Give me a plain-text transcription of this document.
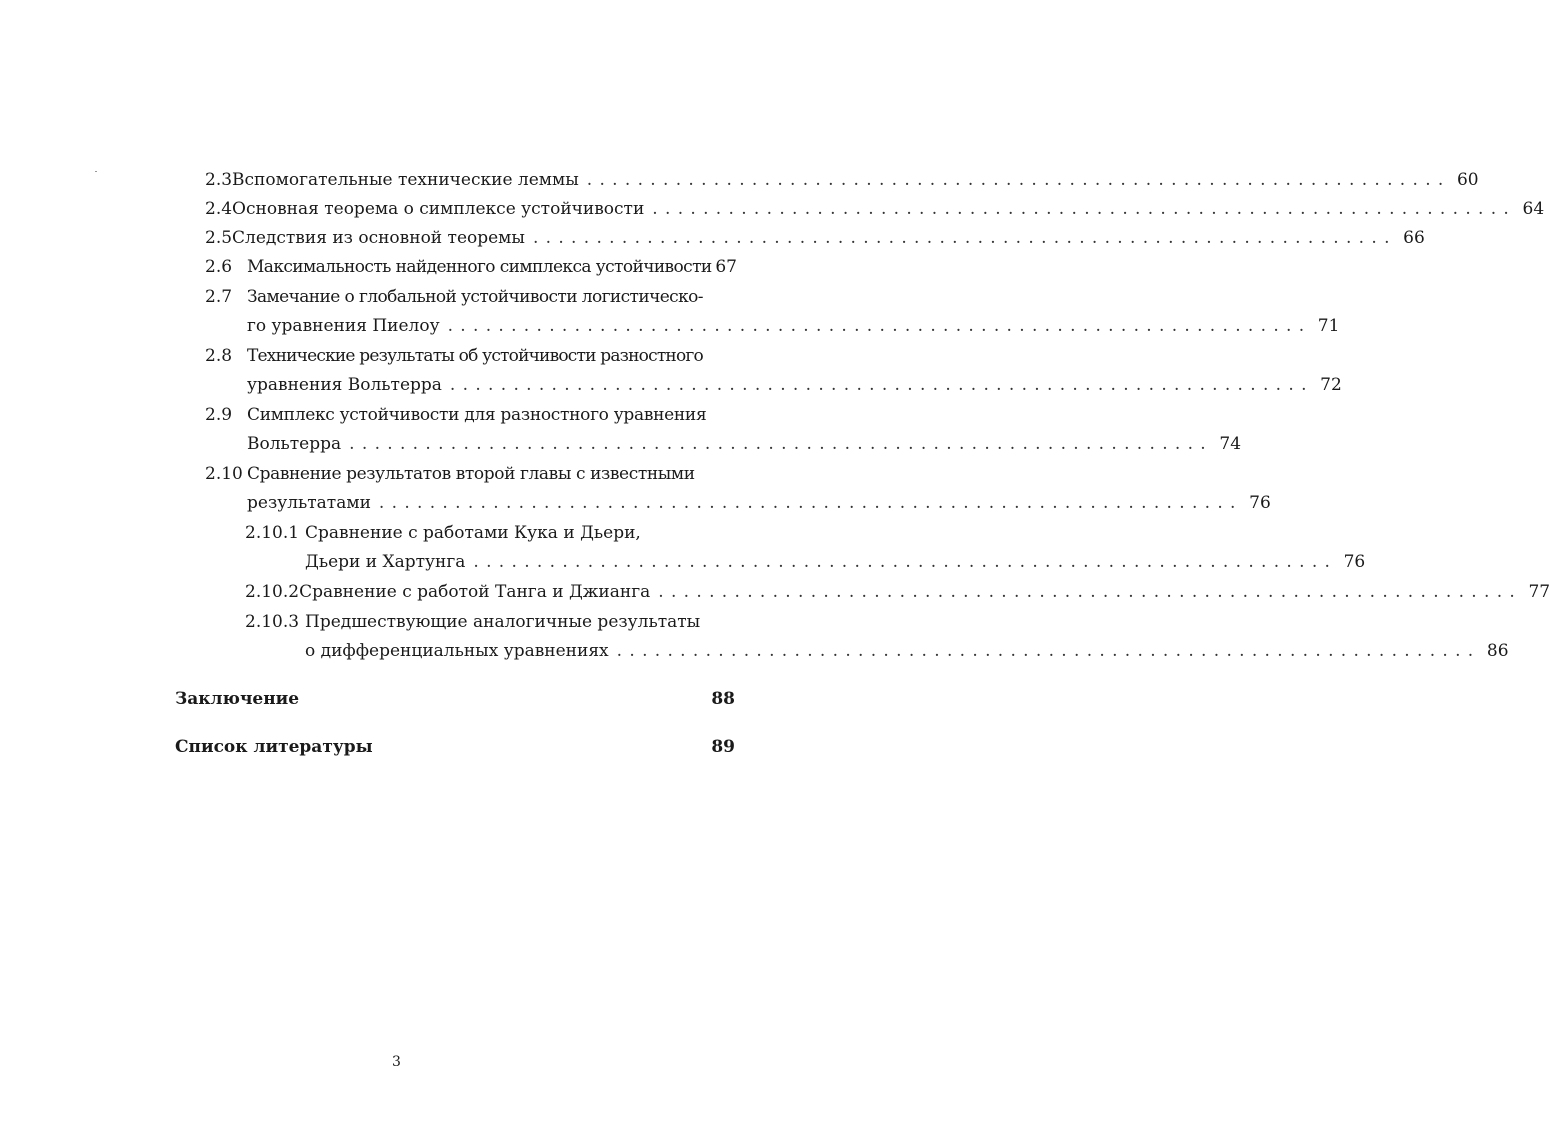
2.3 Вспомогательные технические леммы .................................................................... 60
2.4 Основная теорема о симплексе устойчивости .................................................................... 64
2.5 Следствия из основной теоремы .................................................................... 66
2.6 Максимальность найденного симплекса устойчивости 67
2.7 Замечание о глобальной устойчивости логистическо-
го уравнения Пиелоу .................................................................... 71
2.8 Технические результаты об устойчивости разностного
уравнения Вольтерра .................................................................... 72
2.9 Симплекс устойчивости для разностного уравнения
Вольтерра .................................................................... 74
2.10 Сравнение результатов второй главы с известными
результатами .................................................................... 76
2.10.1 Сравнение с работами Кука и Дьери,
Дьери и Хартунга .................................................................... 76
2.10.2 Сравнение с работой Танга и Джианга .................................................................... 77
2.10.3 Предшествующие аналогичные результаты
о дифференциальных уравнениях .................................................................... 86
Заключение	88
Список литературы	89
3
